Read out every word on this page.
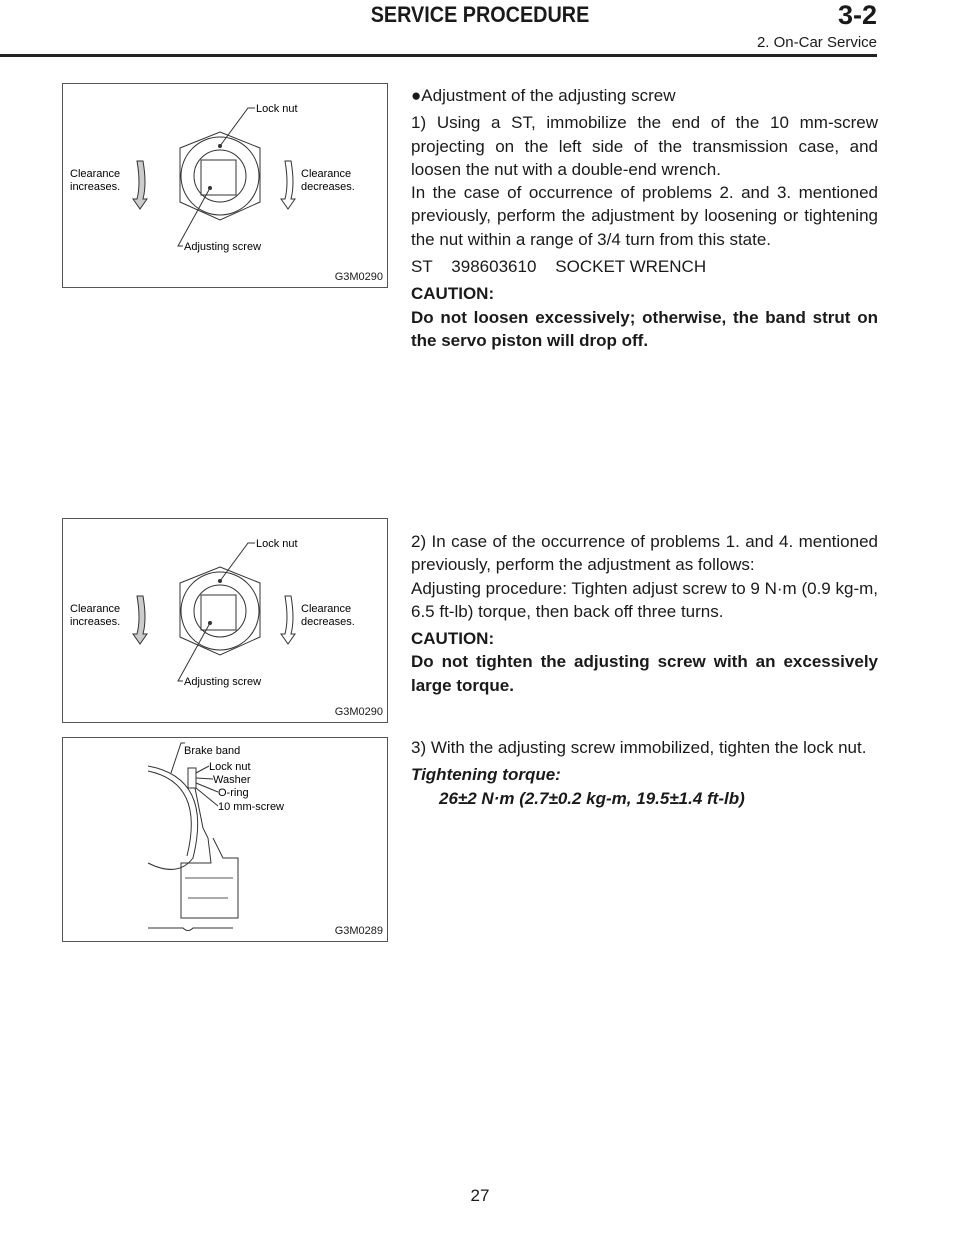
SERVICE PROCEDURE	3-2
2. On-Car Service
Lock nut
Clearance
increases.
Clearance
decreases.
Adjusting screw
G3M0290
Lock nut
Clearance
increases.
Clearance
decreases.
Adjusting screw
G3M0290
Brake band
Lock nut
Washer
O-ring
10 mm-screw
G3M0289

●Adjustment of the adjusting screw

1) Using a ST, immobilize the end of the 10 mm-screw projecting on the left side of the transmission case, and loosen the nut with a double-end wrench.

In the case of occurrence of problems 2. and 3. mentioned previously, perform the adjustment by loosening or tightening the nut within a range of 3/4 turn from this state.

ST    398603610    SOCKET WRENCH

CAUTION:

Do not loosen excessively; otherwise, the band strut on the servo piston will drop off.

2) In case of the occurrence of problems 1. and 4. mentioned previously, perform the adjustment as follows:

Adjusting procedure: Tighten adjust screw to 9 N·m (0.9 kg-m, 6.5 ft-lb) torque, then back off three turns.

CAUTION:

Do not tighten the adjusting screw with an excessively large torque.

3) With the adjusting screw immobilized, tighten the lock nut.

Tightening torque:

26±2 N·m (2.7±0.2 kg-m, 19.5±1.4 ft-lb)

27
